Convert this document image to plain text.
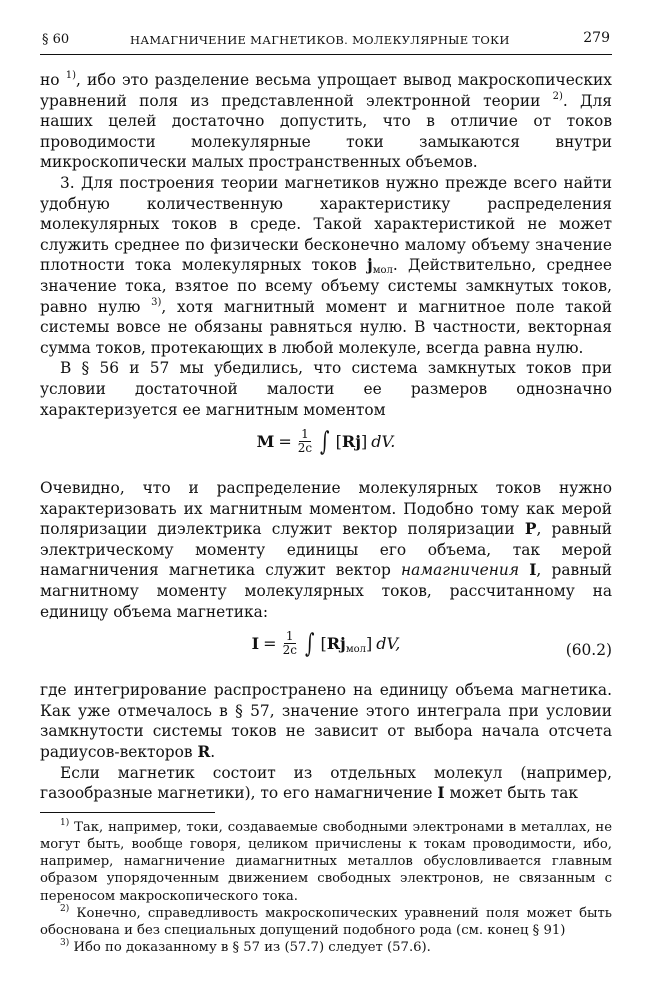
§ 60	НАМАГНИЧЕНИЕ МАГНЕТИКОВ. МОЛЕКУЛЯРНЫЕ ТОКИ	279

но $^{1)}$, ибо это разделение весьма упрощает вывод макроскопических уравнений поля из представленной электронной теории $^{2)}$. Для наших целей достаточно допустить, что в отличие от токов проводимости молекулярные токи замыкаются внутри микроскопически малых пространственных объемов.

3. Для построения теории магнетиков нужно прежде всего найти удобную количественную характеристику распределения молекулярных токов в среде. Такой характеристикой не может служить среднее по физически бесконечно малому объему значение плотности тока молекулярных токов $j_{мол}$. Действительно, среднее значение тока, взятое по всему объему системы замкнутых токов, равно нулю $^{3)}$, хотя магнитный момент и магнитное поле такой системы вовсе не обязаны равняться нулю. В частности, векторная сумма токов, протекающих в любой молекуле, всегда равна нулю.

В § 56 и 57 мы убедились, что система замкнутых токов при условии достаточной малости ее размеров однозначно характеризуется ее магнитным моментом

$M = \frac{1}{2c}$ ∫ [Rj] dV.

Очевидно, что и распределение молекулярных токов нужно характеризовать их магнитным моментом. Подобно тому как мерой поляризации диэлектрика служит вектор поляризации P, равный электрическому моменту единицы его объема, так мерой намагничения магнетика служит вектор намагничения I, равный магнитному моменту молекулярных токов, рассчитанному на единицу объема магнетика:

$I = \frac{1}{2c}$ ∫ $[Rj_{мол}]$ dV,	(60.2)

где интегрирование распространено на единицу объема магнетика. Как уже отмечалось в § 57, значение этого интеграла при условии замкнутости системы токов не зависит от выбора начала отсчета радиусов-векторов R.

Если магнетик состоит из отдельных молекул (например, газообразные магнетики), то его намагничение I может быть так

$^{1)}$ Так, например, токи, создаваемые свободными электронами в металлах, не могут быть, вообще говоря, целиком причислены к токам проводимости, ибо, например, намагничение диамагнитных металлов обусловливается главным образом упорядоченным движением свободных электронов, не связанным с переносом макроскопического тока.

$^{2)}$ Конечно, справедливость макроскопических уравнений поля может быть обоснована и без специальных допущений подобного рода (см. конец § 91)

$^{3)}$ Ибо по доказанному в § 57 из (57.7) следует (57.6).
